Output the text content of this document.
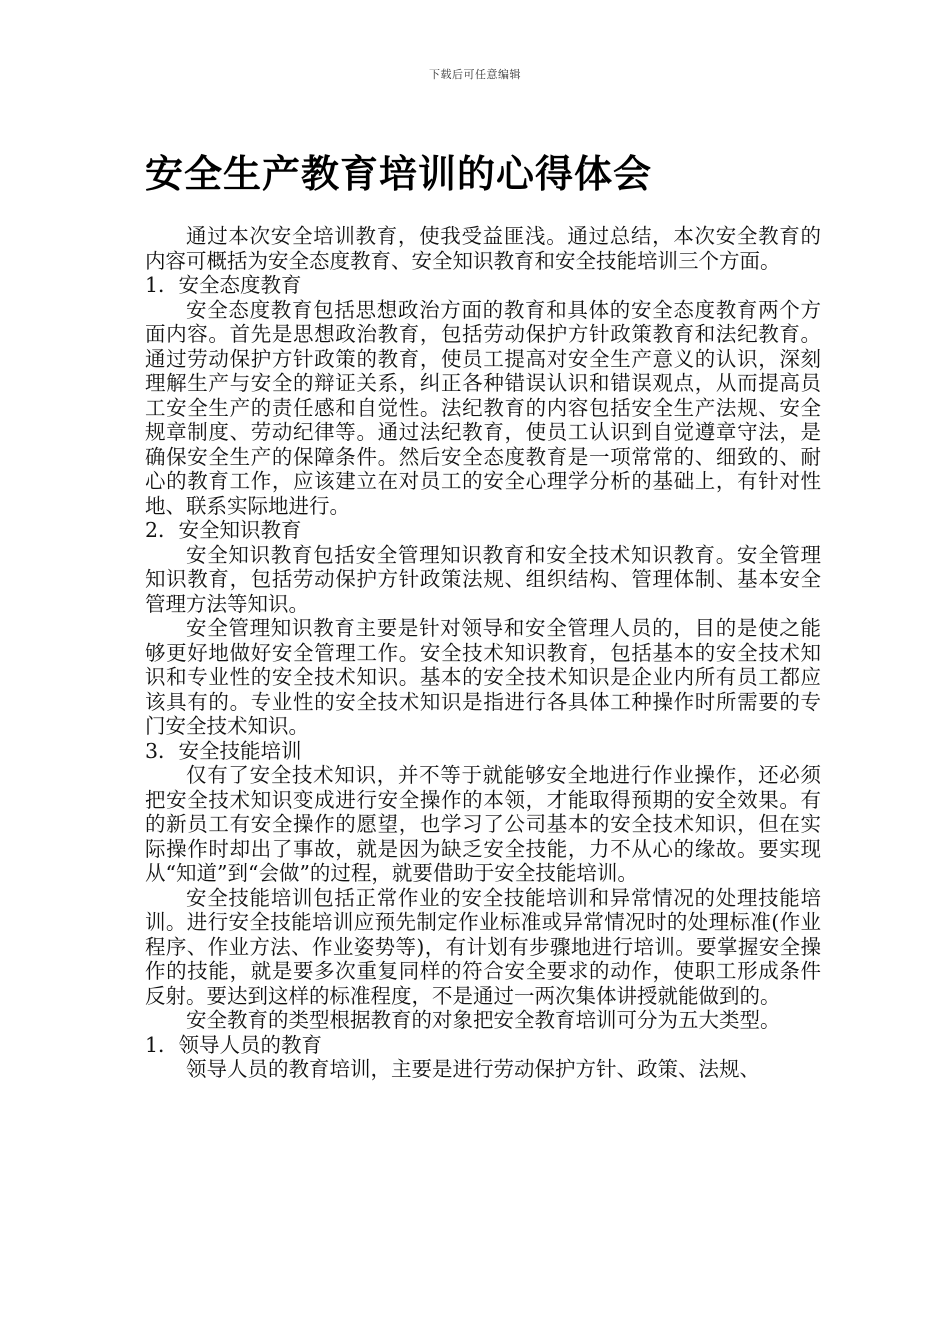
下载后可任意编辑
安全生产教育培训的心得体会

通过本次安全培训教育，使我受益匪浅。通过总结，本次安全教育的内容可概括为安全态度教育、安全知识教育和安全技能培训三个方面。

1．安全态度教育

安全态度教育包括思想政治方面的教育和具体的安全态度教育两个方面内容。首先是思想政治教育，包括劳动保护方针政策教育和法纪教育。通过劳动保护方针政策的教育，使员工提高对安全生产意义的认识，深刻理解生产与安全的辩证关系，纠正各种错误认识和错误观点，从而提高员工安全生产的责任感和自觉性。法纪教育的内容包括安全生产法规、安全规章制度、劳动纪律等。通过法纪教育，使员工认识到自觉遵章守法，是确保安全生产的保障条件。然后安全态度教育是一项常常的、细致的、耐心的教育工作，应该建立在对员工的安全心理学分析的基础上，有针对性地、联系实际地进行。

2．安全知识教育

安全知识教育包括安全管理知识教育和安全技术知识教育。安全管理知识教育，包括劳动保护方针政策法规、组织结构、管理体制、基本安全管理方法等知识。

安全管理知识教育主要是针对领导和安全管理人员的，目的是使之能够更好地做好安全管理工作。安全技术知识教育，包括基本的安全技术知识和专业性的安全技术知识。基本的安全技术知识是企业内所有员工都应该具有的。专业性的安全技术知识是指进行各具体工种操作时所需要的专门安全技术知识。

3．安全技能培训

仅有了安全技术知识，并不等于就能够安全地进行作业操作，还必须把安全技术知识变成进行安全操作的本领，才能取得预期的安全效果。有的新员工有安全操作的愿望，也学习了公司基本的安全技术知识，但在实际操作时却出了事故，就是因为缺乏安全技能，力不从心的缘故。要实现从“知道”到“会做”的过程，就要借助于安全技能培训。

安全技能培训包括正常作业的安全技能培训和异常情况的处理技能培训。进行安全技能培训应预先制定作业标准或异常情况时的处理标准(作业程序、作业方法、作业姿势等)，有计划有步骤地进行培训。要掌握安全操作的技能，就是要多次重复同样的符合安全要求的动作，使职工形成条件反射。要达到这样的标准程度，不是通过一两次集体讲授就能做到的。

安全教育的类型根据教育的对象把安全教育培训可分为五大类型。

1．领导人员的教育

领导人员的教育培训，主要是进行劳动保护方针、政策、法规、
